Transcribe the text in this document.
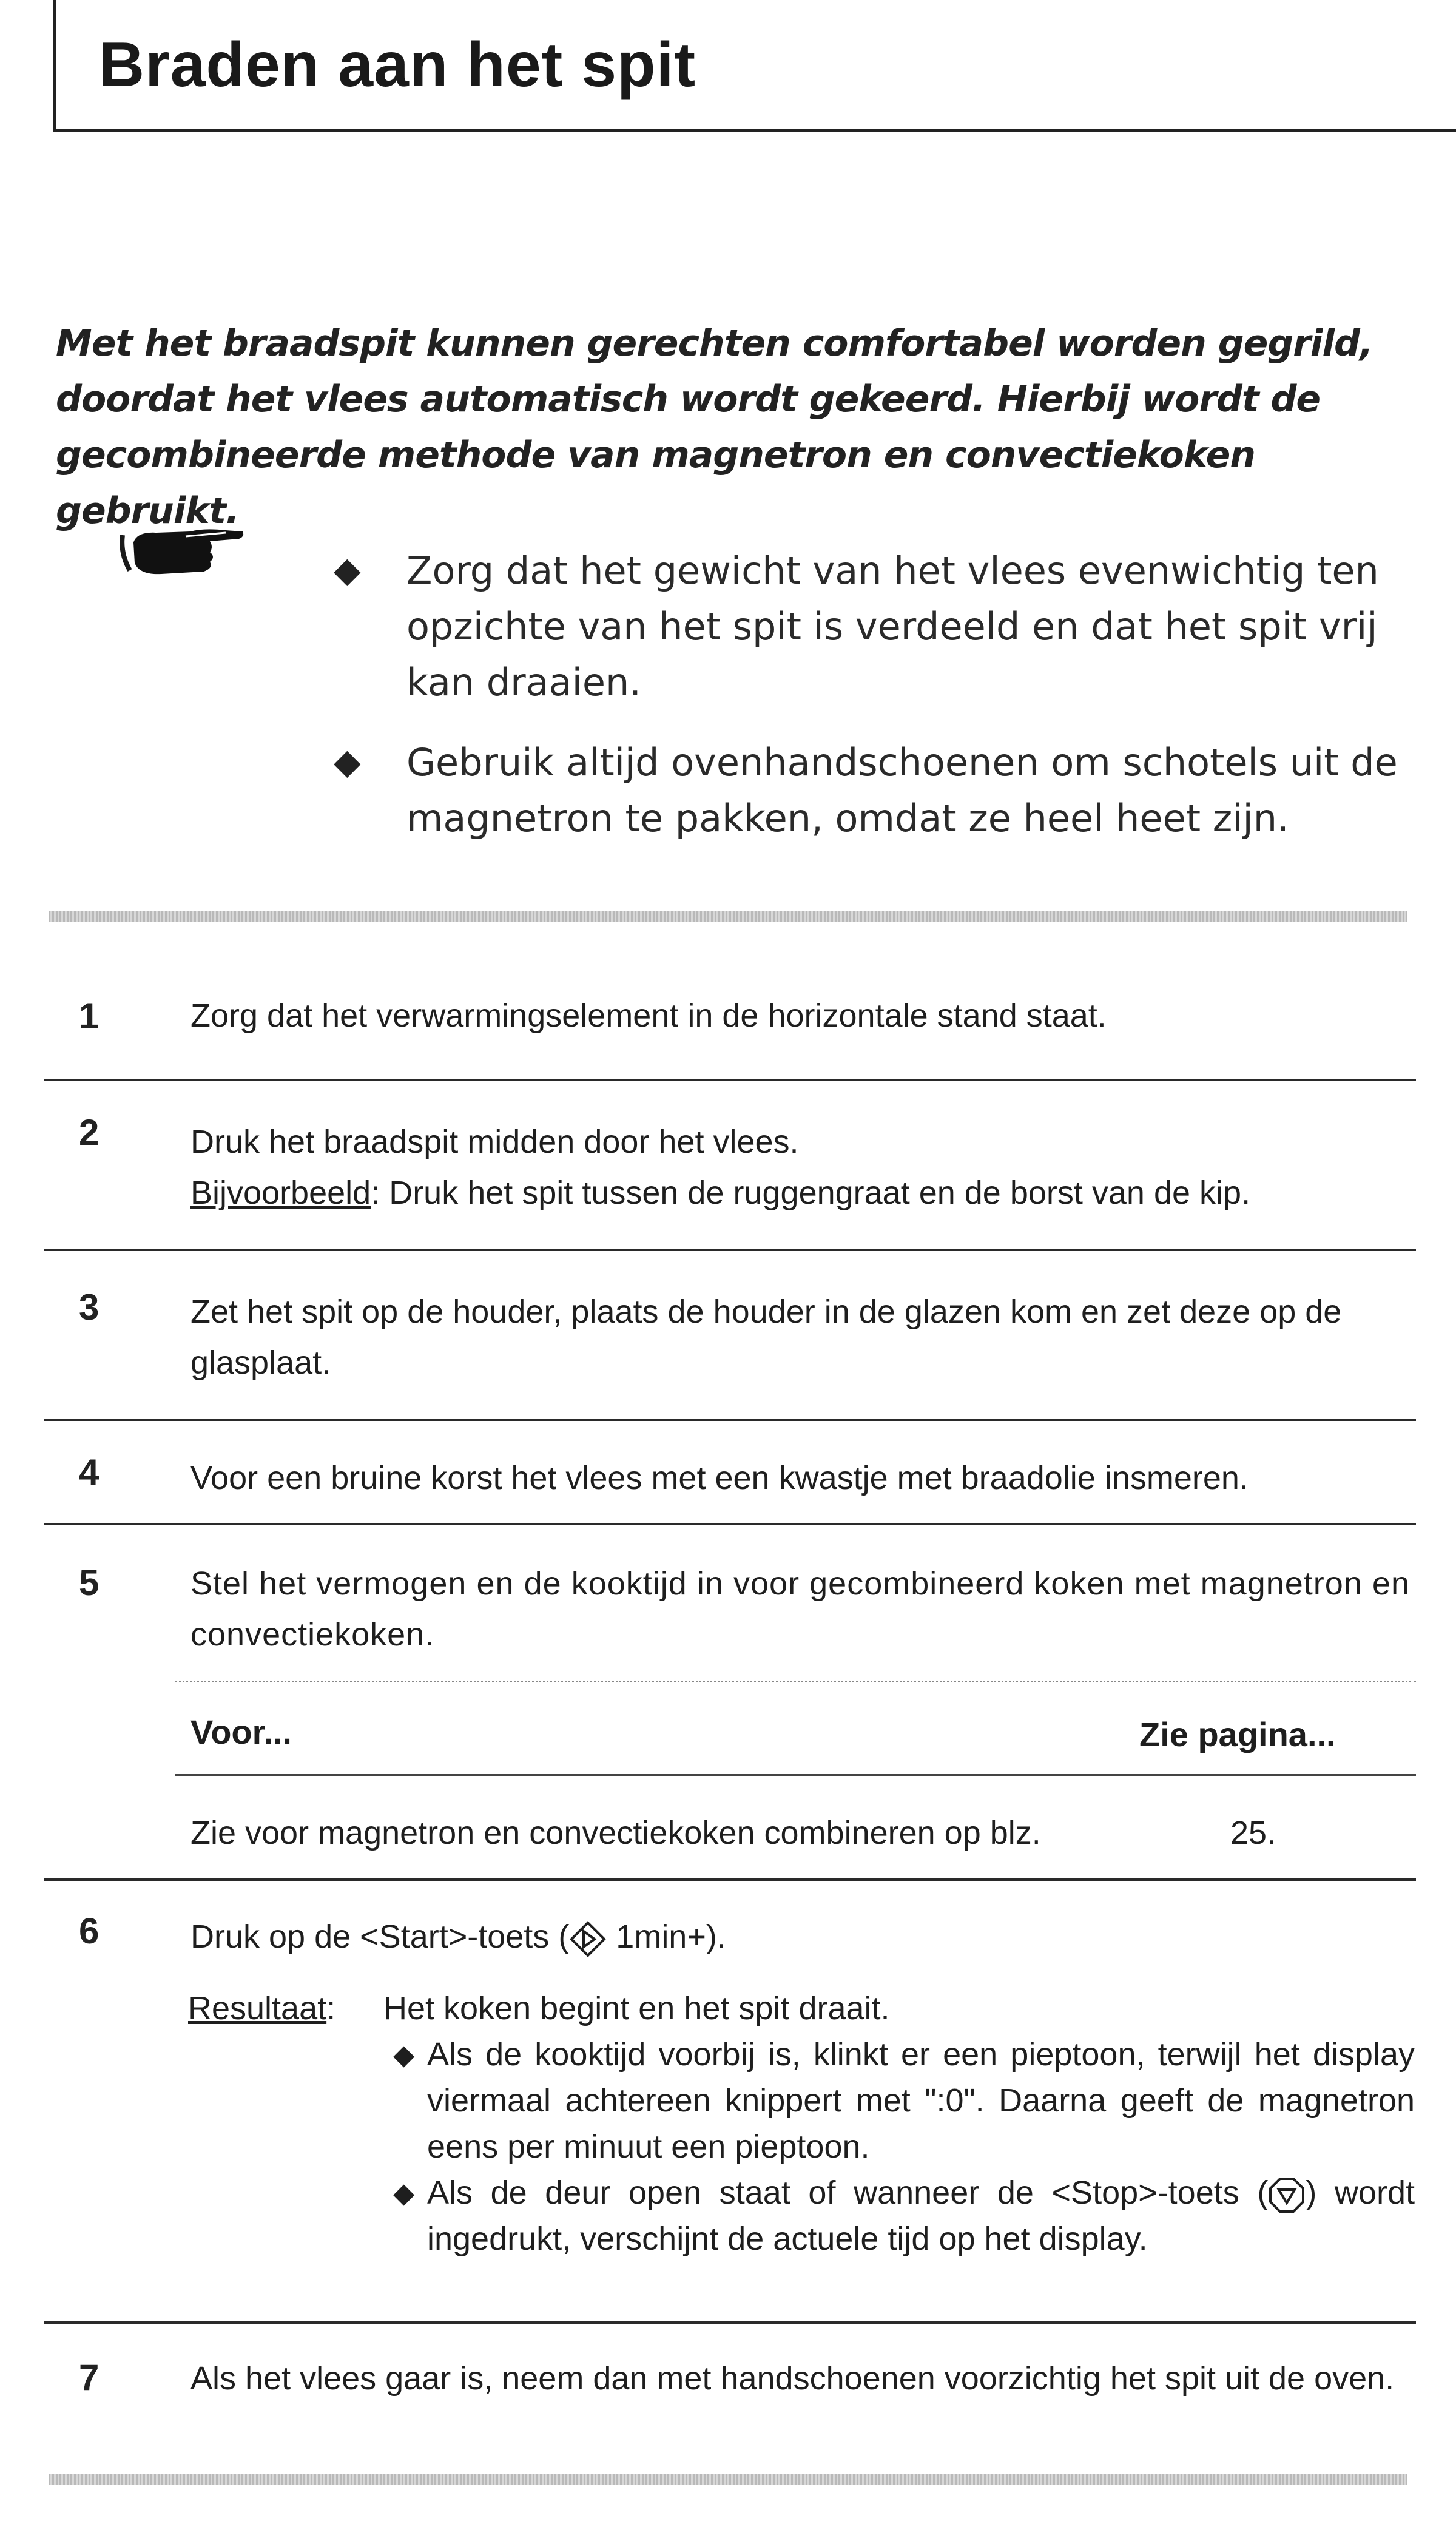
Braden aan het spit

Met het braadspit kunnen gerechten comfortabel worden gegrild, doordat het vlees automatisch wordt gekeerd. Hierbij wordt de gecombineerde methode van magnetron en convectiekoken gebruikt.

◆ Zorg dat het gewicht van het vlees evenwichtig ten opzichte van het spit is verdeeld en dat het spit vrij kan draaien.
◆ Gebruik altijd ovenhandschoenen om schotels uit de magnetron te pakken, omdat ze heel heet zijn.
1	Zorg dat het verwarmingselement in de horizontale stand staat.

2	Druk het braadspit midden door het vlees.
Bijvoorbeeld: Druk het spit tussen de ruggengraat en de borst van de kip.

3	Zet het spit op de houder, plaats de houder in de glazen kom en zet deze op de glasplaat.

4	Voor een bruine korst het vlees met een kwastje met braadolie insmeren.

5	Stel het vermogen en de kooktijd in voor gecombineerd koken met magnetron en convectiekoken.

Voor...	Zie pagina...
Zie voor magnetron en convectiekoken combineren op blz.	25.
6	Druk op de <Start>-toets ( 1min+).

Resultaat: Het koken begint en het spit draait.
◆ Als de kooktijd voorbij is, klinkt er een pieptoon, terwijl het display viermaal achtereen knippert met ":0". Daarna geeft de magnetron eens per minuut een pieptoon.
◆ Als de deur open staat of wanneer de <Stop>-toets ( ) wordt ingedrukt, verschijnt de actuele tijd op het display.
7	Als het vlees gaar is, neem dan met handschoenen voorzichtig het spit uit de oven.
